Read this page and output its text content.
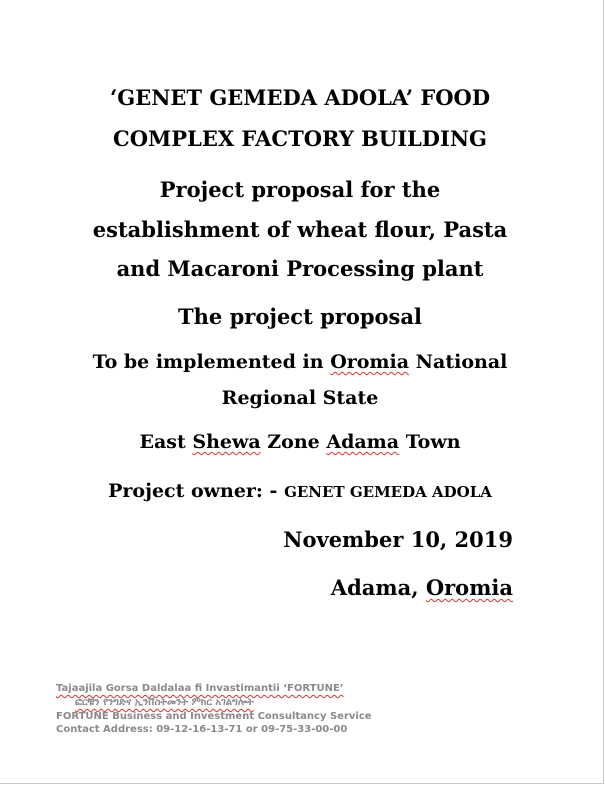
‘GENET GEMEDA ADOLA’ FOOD
COMPLEX FACTORY BUILDING
Project proposal for the
establishment of wheat flour, Pasta
and Macaroni Processing plant
The project proposal
To be implemented in Oromia National
Regional State
East Shewa Zone Adama Town
Project owner: - GENET GEMEDA ADOLA
November 10, 2019
Adama, Oromia
Tajaajila Gorsa Daldalaa fi Invastimantii ‘FORTUNE’
ፎርቹን የንግድና ኢንቨስትመንት ምክር አገልግሎት
FORTUNE Business and Investment Consultancy Service
Contact Address: 09-12-16-13-71 or 09-75-33-00-00
